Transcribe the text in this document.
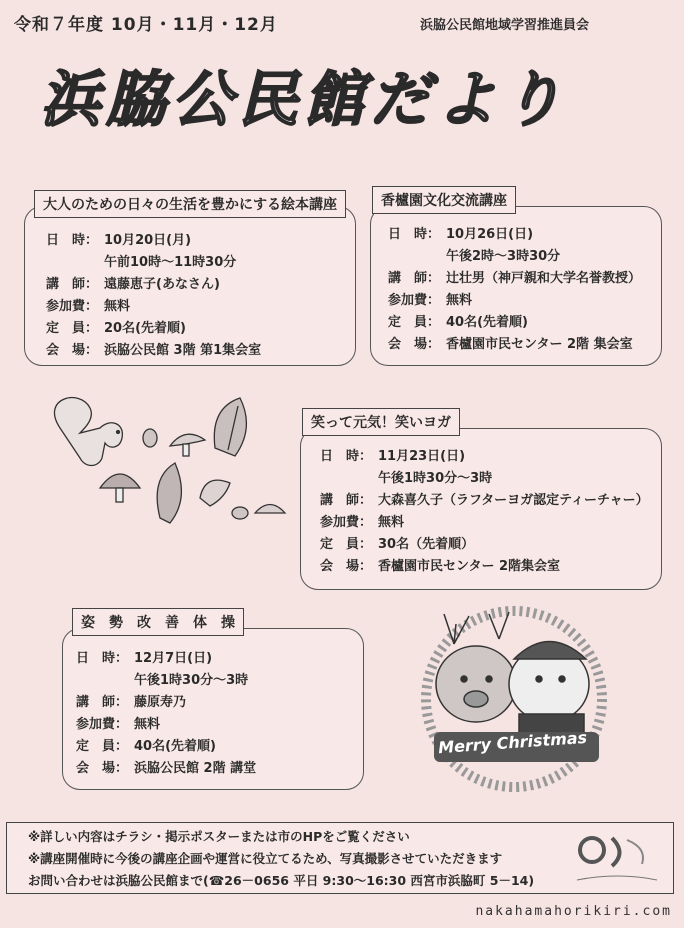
令和７年度 10月・11月・12月	浜脇公民館地域学習推進員会
浜脇公民館だより
大人のための日々の生活を豊かにする絵本講座
日　時： 10月20日(月)
午前10時～11時30分
講　師： 遠藤恵子(あなさん)
参加費： 無料
定　員： 20名(先着順)
会　場： 浜脇公民館 3階 第1集会室
香櫨園文化交流講座
日　時： 10月26日(日)
午後2時～3時30分
講　師： 辻壮男（神戸親和大学名誉教授）
参加費： 無料
定　員： 40名(先着順)
会　場： 香櫨園市民センター 2階 集会室
笑って元気！笑いヨガ
日　時： 11月23日(日)
午後1時30分～3時
講　師： 大森喜久子（ラフターヨガ認定ティーチャー）
参加費： 無料
定　員： 30名（先着順）
会　場： 香櫨園市民センター 2階集会室
姿　勢　改　善　体　操
日　時： 12月7日(日)
午後1時30分～3時
講　師： 藤原寿乃
参加費： 無料
定　員： 40名(先着順)
会　場： 浜脇公民館 2階 講堂
Merry Christmas
※詳しい内容はチラシ・掲示ポスターまたは市のHPをご覧ください
※講座開催時に今後の講座企画や運営に役立てるため、写真撮影させていただきます
お問い合わせは浜脇公民館まで(☎26－0656 平日 9:30～16:30 西宮市浜脇町 5－14)
nakahamahorikiri.com
